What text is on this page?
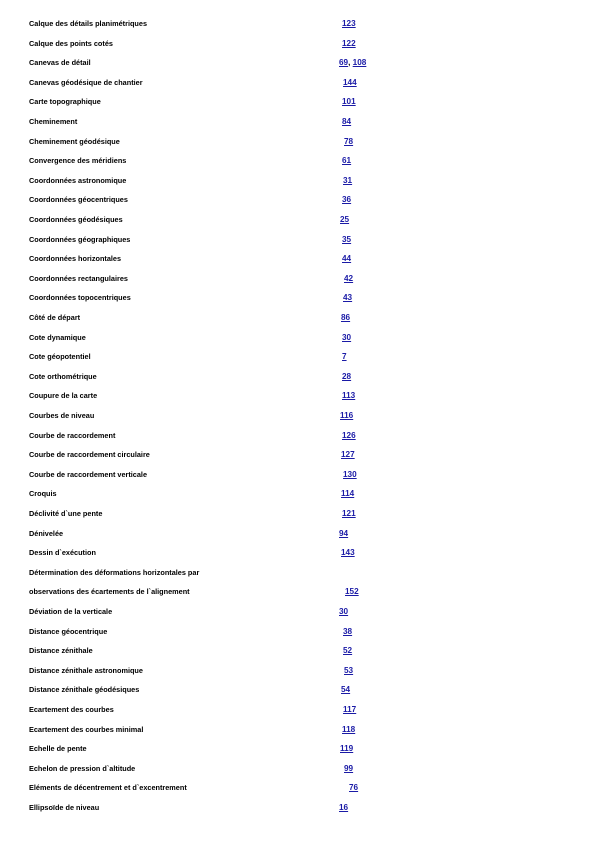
Calque des détails planimétriques	123
Calque des points cotés	122
Canevas de détail	69, 108
Canevas géodésique de chantier	144
Carte topographique	101
Cheminement	84
Cheminement géodésique	78
Convergence des méridiens	61
Coordonnées astronomique	31
Coordonnées géocentriques	36
Coordonnées géodésiques	25
Coordonnées géographiques	35
Coordonnées horizontales	44
Coordonnées rectangulaires	42
Coordonnées topocentriques	43
Côté de départ	86
Cote dynamique	30
Cote géopotentiel	7
Cote orthométrique	28
Coupure de la carte	113
Courbes de niveau	116
Courbe de raccordement	126
Courbe de raccordement circulaire	127
Courbe de raccordement verticale	130
Croquis	114
Déclivité d`une pente	121
Dénivelée	94
Dessin d`exécution	143
Détermination des déformations horizontales par
observations des écartements de l`alignement	152
Déviation de la verticale	30
Distance géocentrique	38
Distance zénithale	52
Distance zénithale astronomique	53
Distance zénithale géodésiques	54
Ecartement des courbes	117
Ecartement des courbes minimal	118
Echelle de pente	119
Echelon de pression d`altitude	99
Eléments de décentrement et d`excentrement	76
Ellipsoïde de niveau	16
